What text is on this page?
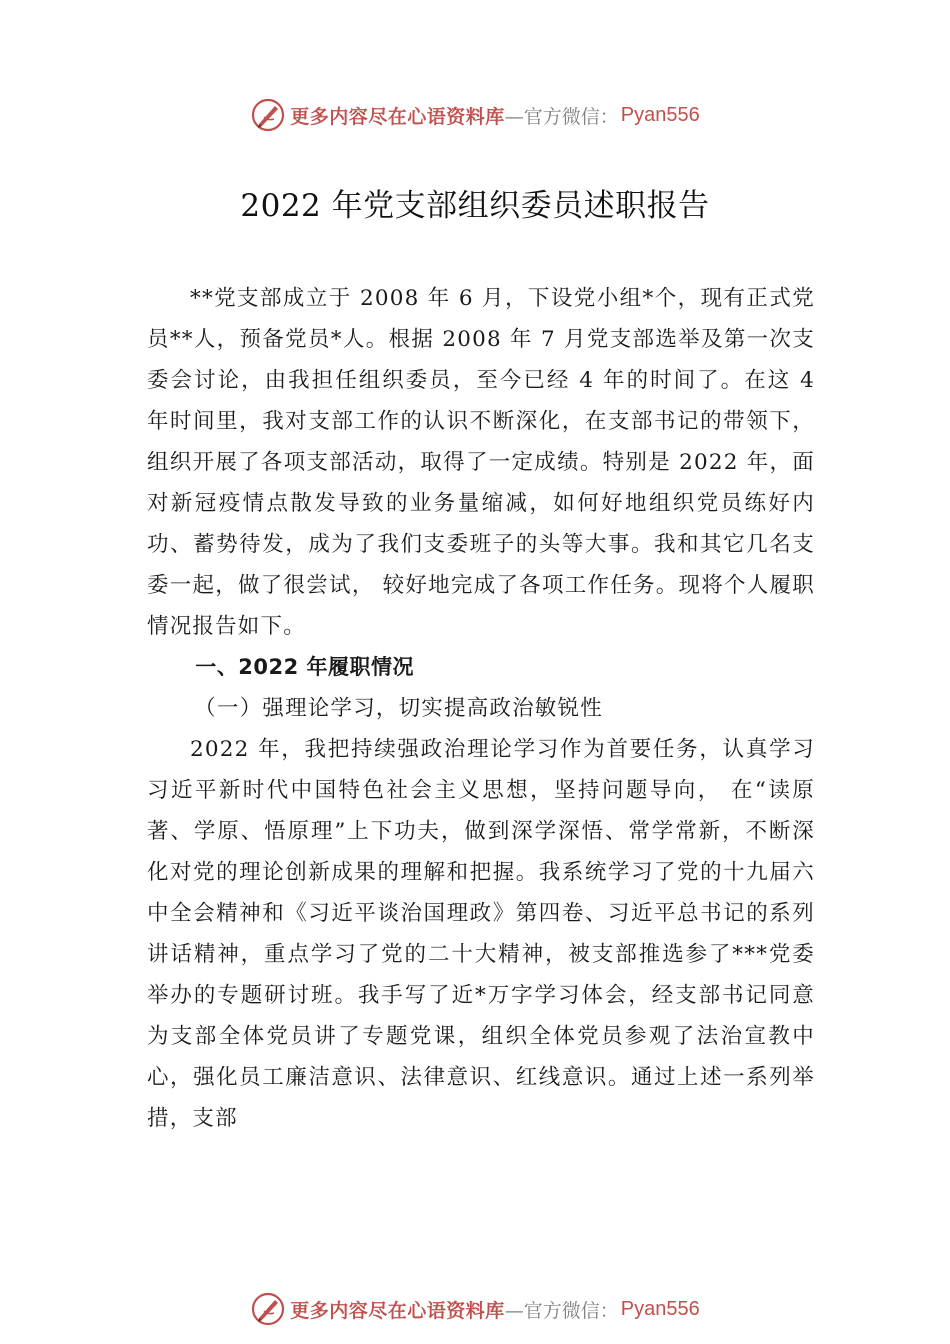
更多内容尽在心语资料库 —官方微信： Pyan556
2022 年党支部组织委员述职报告

**党支部成立于 2008 年 6 月，下设党小组*个，现有正式党员**人，预备党员*人。根据 2008 年 7 月党支部选举及第一次支委会讨论，由我担任组织委员，至今已经 4 年的时间了。在这 4 年时间里，我对支部工作的认识不断深化，在支部书记的带领下，组织开展了各项支部活动，取得了一定成绩。特别是 2022 年，面对新冠疫情点散发导致的业务量缩减，如何好地组织党员练好内功、蓄势待发，成为了我们支委班子的头等大事。我和其它几名支委一起，做了很尝试， 较好地完成了各项工作任务。现将个人履职情况报告如下。

一、2022 年履职情况

（一）强理论学习，切实提高政治敏锐性

2022 年，我把持续强政治理论学习作为首要任务，认真学习习近平新时代中国特色社会主义思想，坚持问题导向， 在“读原著、学原、悟原理”上下功夫，做到深学深悟、常学常新，不断深化对党的理论创新成果的理解和把握。我系统学习了党的十九届六中全会精神和《习近平谈治国理政》第四卷、习近平总书记的系列讲话精神，重点学习了党的二十大精神，被支部推选参了***党委举办的专题研讨班。我手写了近*万字学习体会，经支部书记同意为支部全体党员讲了专题党课，组织全体党员参观了法治宣教中心，强化员工廉洁意识、法律意识、红线意识。通过上述一系列举措，支部

更多内容尽在心语资料库 —官方微信： Pyan556
